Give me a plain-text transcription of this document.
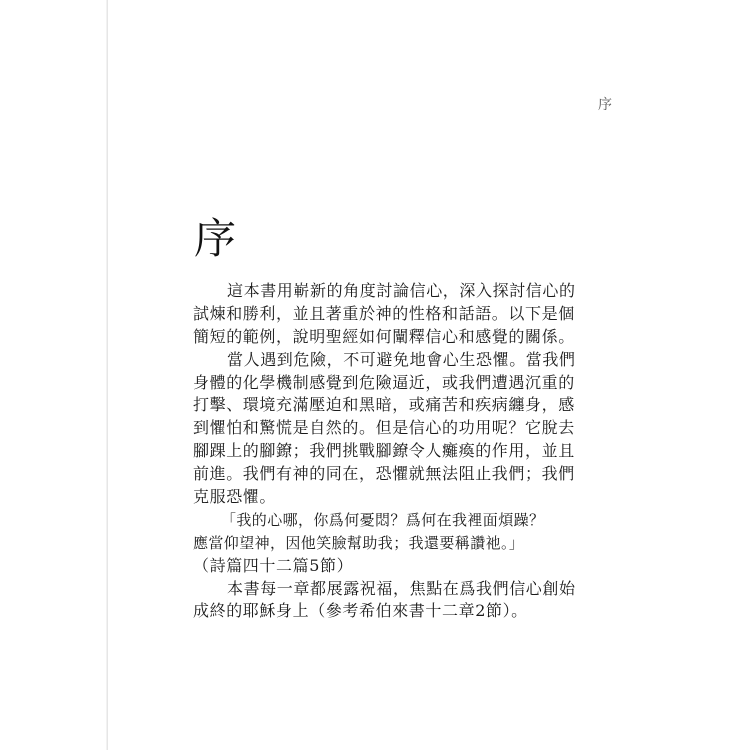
序
序
這本書用嶄新的角度討論信心，深入探討信心的
試煉和勝利，並且著重於神的性格和話語。以下是個
簡短的範例，說明聖經如何闡釋信心和感覺的關係。
當人遇到危險，不可避免地會心生恐懼。當我們
身體的化學機制感覺到危險逼近，或我們遭遇沉重的
打擊、環境充滿壓迫和黑暗，或痛苦和疾病纏身，感
到懼怕和驚慌是自然的。但是信心的功用呢？它脫去
腳踝上的腳鐐；我們挑戰腳鐐令人癱瘓的作用，並且
前進。我們有神的同在，恐懼就無法阻止我們；我們
克服恐懼。
「我的心哪，你爲何憂悶？爲何在我裡面煩躁？
應當仰望神，因他笑臉幫助我；我還要稱讚祂。」
（詩篇四十二篇5節）
本書每一章都展露祝福，焦點在爲我們信心創始
成終的耶穌身上（參考希伯來書十二章2節）。
